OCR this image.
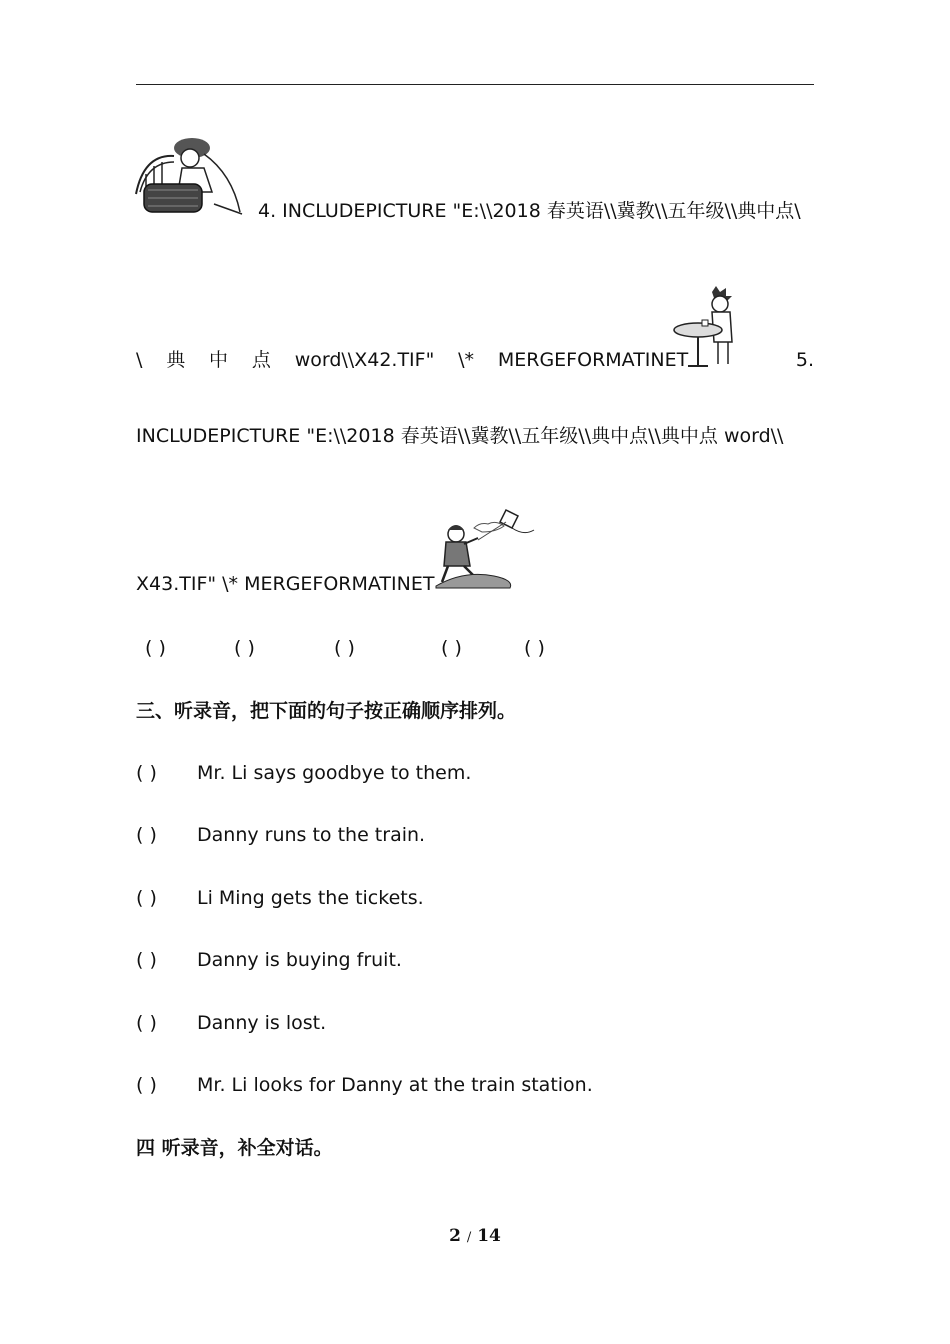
4. INCLUDEPICTURE "E:\\2018 春英语\\冀教\\五年级\\典中点\
\ 典 中 点 word\\X42.TIF" \* MERGEFORMATINET	5.
INCLUDEPICTURE "E:\\2018 春英语\\冀教\\五年级\\典中点\\典中点 word\\
X43.TIF" \* MERGEFORMATINET
( )	( )	( )	( )	( )
三、听录音，把下面的句子按正确顺序排列。
( ) Mr. Li says goodbye to them.
( ) Danny runs to the train.
( ) Li Ming gets the tickets.
( ) Danny is buying fruit.
( ) Danny is lost.
( ) Mr. Li looks for Danny at the train station.
四 听录音，补全对话。
2 / 14
